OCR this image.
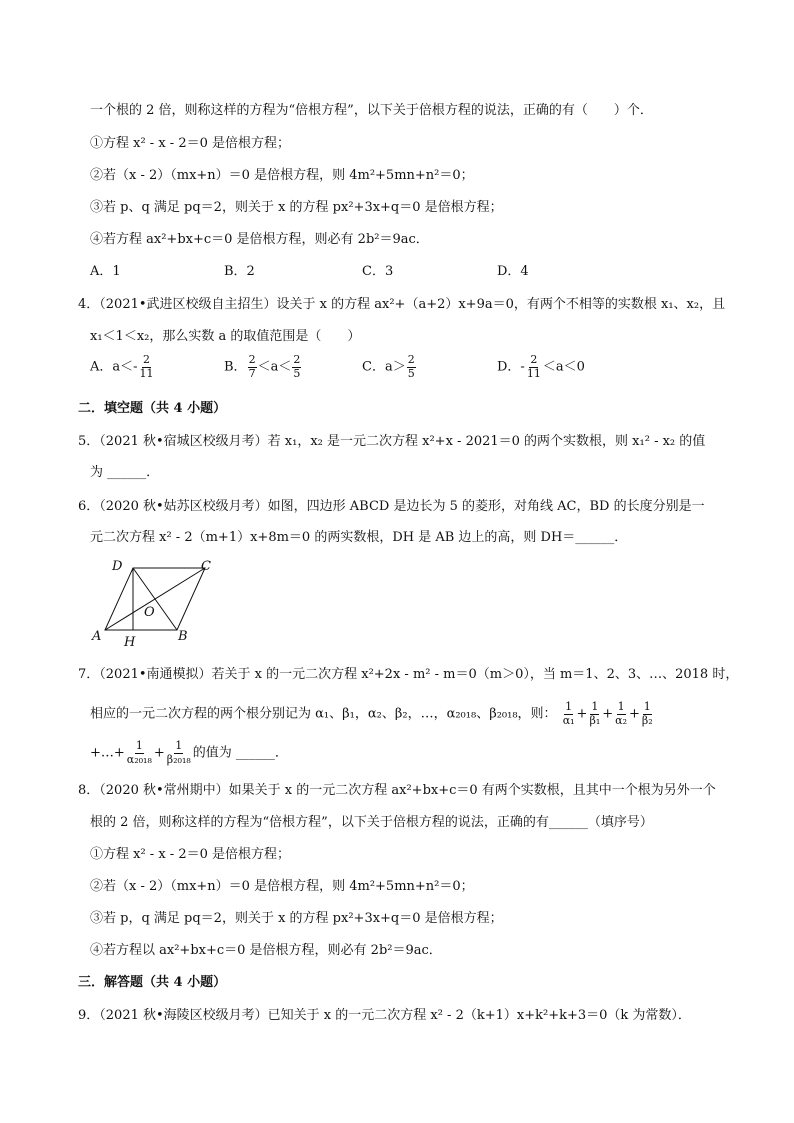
一个根的 2 倍，则称这样的方程为“倍根方程”，以下关于倍根方程的说法，正确的有（　　）个．
①方程 x² - x - 2＝0 是倍根方程；
②若（x - 2）（mx+n）＝0 是倍根方程，则 4m²+5mn+n²＝0；
③若 p、q 满足 pq＝2，则关于 x 的方程 px²+3x+q＝0 是倍根方程；
④若方程 ax²+bx+c＝0 是倍根方程，则必有 2b²＝9ac．
A．1	B．2	C．3	D．4
4．（2021•武进区校级自主招生）设关于 x 的方程 ax²+（a+2）x+9a＝0，有两个不相等的实数根 x₁、x₂，且
x₁＜1＜x₂，那么实数 a 的取值范围是（　　）
A．$a<- \frac{2}{11}$	B． $\frac{2}{7} <a< \frac{2}{5}$	C．$a> \frac{2}{5}$	D．- $\frac{2}{11} <a<0$
二．填空题（共 4 小题）
5．（2021 秋•宿城区校级月考）若 x₁，x₂ 是一元二次方程 x²+x - 2021＝0 的两个实数根，则 x₁² - x₂ 的值
为 ______．
6．（2020 秋•姑苏区校级月考）如图，四边形 ABCD 是边长为 5 的菱形，对角线 AC，BD 的长度分别是一
元二次方程 x² - 2（m+1）x+8m＝0 的两实数根，DH 是 AB 边上的高，则 DH＝______．
D	C
O
A H	B
7．（2021•南通模拟）若关于 x 的一元二次方程 x²+2x - m² - m＝0（m＞0），当 m＝1、2、3、…、2018 时，
相应的一元二次方程的两个根分别记为 α₁、β₁，α₂、β₂，…，α₂₀₁₈、β₂₀₁₈，则： $\frac{1}{\text{α₁}} + \frac{1}{\text{β₁}} + \frac{1}{\text{α₂}} + \frac{1}{\text{β₂}}$
+…+ $\frac{1}{\text{α₂₀₁₈}} + \frac{1}{\text{β₂₀₁₈}}$ 的值为 ______．
8．（2020 秋•常州期中）如果关于 x 的一元二次方程 ax²+bx+c＝0 有两个实数根，且其中一个根为另外一个
根的 2 倍，则称这样的方程为“倍根方程”，以下关于倍根方程的说法，正确的有______（填序号）
①方程 x² - x - 2＝0 是倍根方程；
②若（x - 2）（mx+n）＝0 是倍根方程，则 4m²+5mn+n²＝0；
③若 p，q 满足 pq＝2，则关于 x 的方程 px²+3x+q＝0 是倍根方程；
④若方程以 ax²+bx+c＝0 是倍根方程，则必有 2b²＝9ac．
三．解答题（共 4 小题）
9．（2021 秋•海陵区校级月考）已知关于 x 的一元二次方程 x² - 2（k+1）x+k²+k+3＝0（k 为常数）．
